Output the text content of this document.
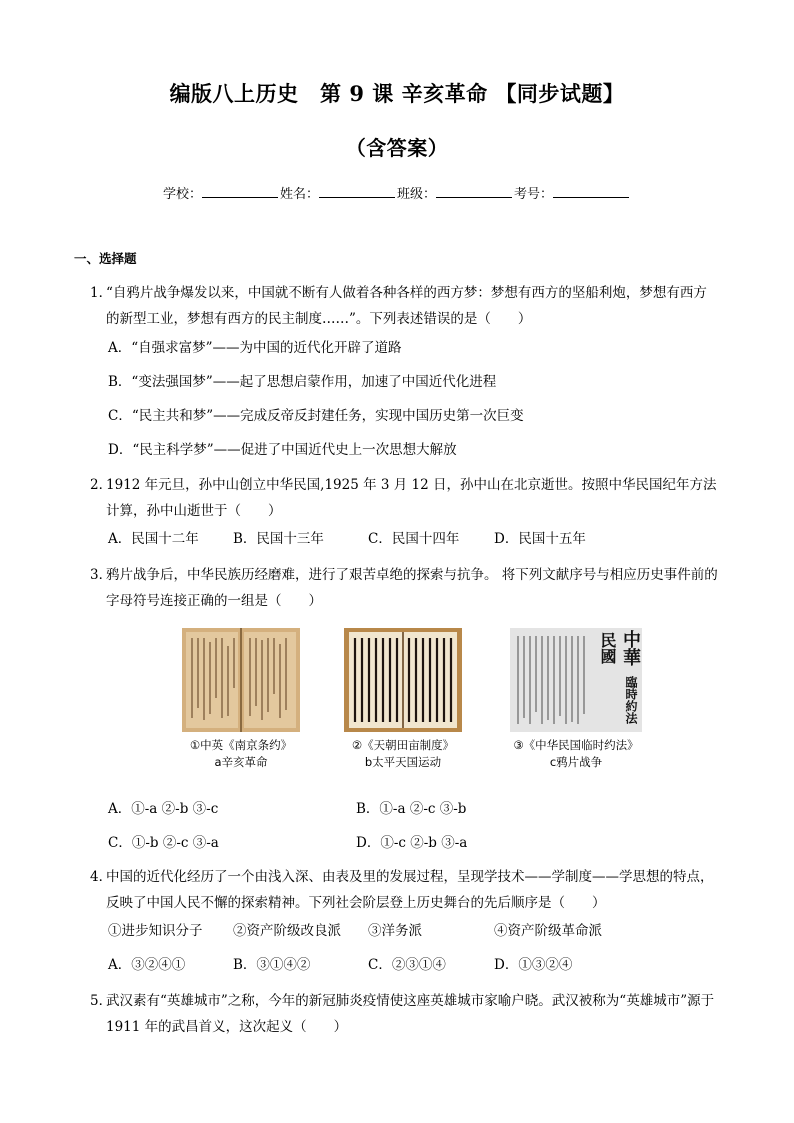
编版八上历史　第 9 课 辛亥革命 【同步试题】
（含答案）
学校：	姓名：	班级：	考号：
一、选择题
1．
“自鸦片战争爆发以来，中国就不断有人做着各种各样的西方梦：梦想有西方的坚船利炮，梦想有西方的新型工业，梦想有西方的民主制度……”。下列表述错误的是（　　）
A．“自强求富梦”——为中国的近代化开辟了道路
B．“变法强国梦”——起了思想启蒙作用，加速了中国近代化进程
C．“民主共和梦”——完成反帝反封建任务，实现中国历史第一次巨变
D．“民主科学梦”——促进了中国近代史上一次思想大解放
2．
1912 年元旦，孙中山创立中华民国,1925 年 3 月 12 日，孙中山在北京逝世。按照中华民国纪年方法计算，孙中山逝世于（　　）
A．民国十二年	B．民国十三年	C．民国十四年	D．民国十五年
3．
鸦片战争后，中华民族历经磨难，进行了艰苦卓绝的探索与抗争。 将下列文献序号与相应历史事件前的字母符号连接正确的一组是（　　）
中華
民國
臨時約法
①中英《南京条约》
a辛亥革命
②《天朝田亩制度》
b太平天国运动
③《中华民国临时约法》
c鸦片战争
A．①-a ②-b ③-c	B．①-a ②-c ③-b
C．①-b ②-c ③-a	D．①-c ②-b ③-a
4．
中国的近代化经历了一个由浅入深、由表及里的发展过程，呈现学技术——学制度——学思想的特点，反映了中国人民不懈的探索精神。下列社会阶层登上历史舞台的先后顺序是（　　）
①进步知识分子 ②资产阶级改良派 ③洋务派	④资产阶级革命派
A．③②④①	B．③①④②	C．②③①④	D．①③②④
5．
武汉素有“英雄城市”之称，今年的新冠肺炎疫情使这座英雄城市家喻户晓。武汉被称为“英雄城市”源于 1911 年的武昌首义，这次起义（　　）
